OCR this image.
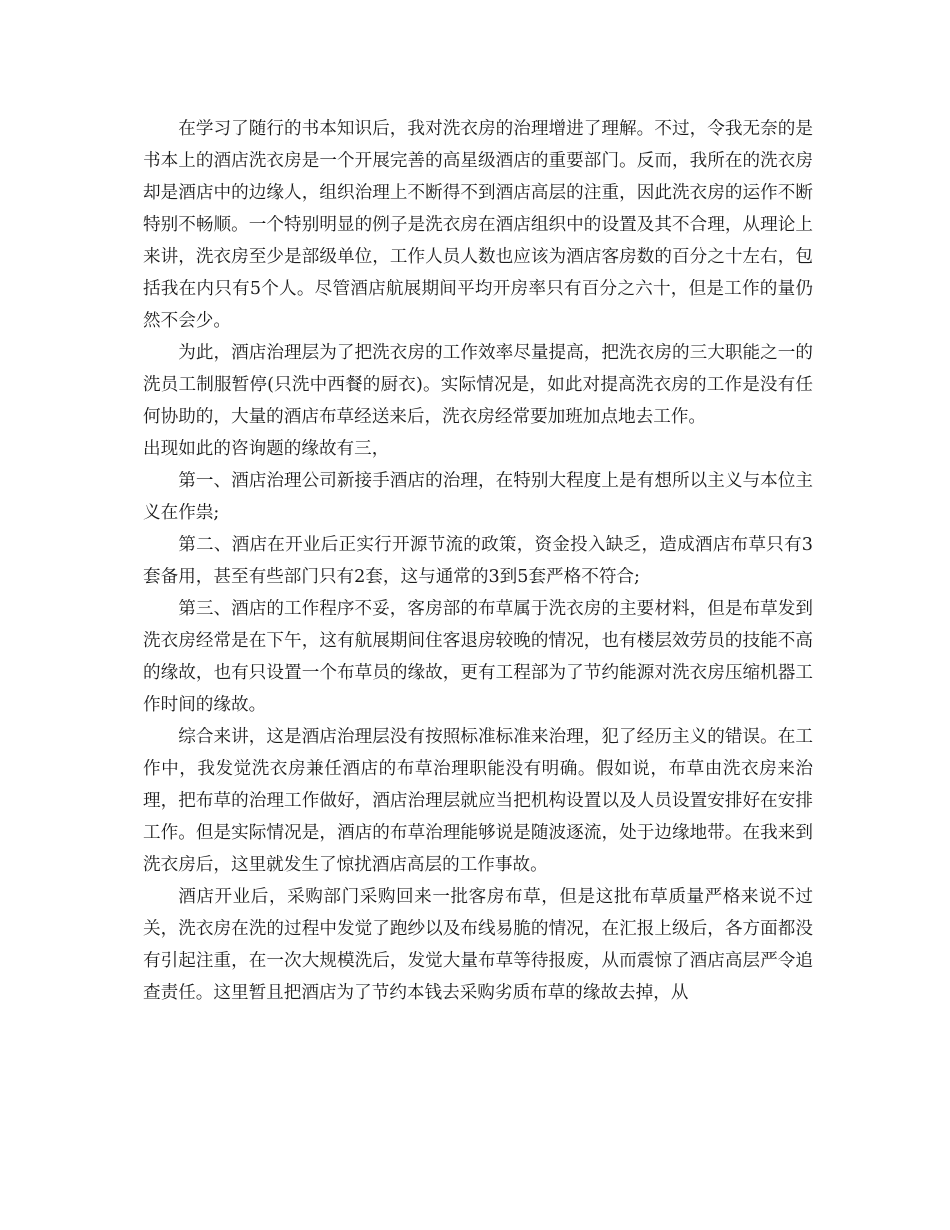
在学习了随行的书本知识后，我对洗衣房的治理增进了理解。不过，令我无奈的是书本上的酒店洗衣房是一个开展完善的高星级酒店的重要部门。反而，我所在的洗衣房却是酒店中的边缘人，组织治理上不断得不到酒店高层的注重，因此洗衣房的运作不断特别不畅顺。一个特别明显的例子是洗衣房在酒店组织中的设置及其不合理，从理论上来讲，洗衣房至少是部级单位，工作人员人数也应该为酒店客房数的百分之十左右，包括我在内只有5个人。尽管酒店航展期间平均开房率只有百分之六十，但是工作的量仍然不会少。

为此，酒店治理层为了把洗衣房的工作效率尽量提高，把洗衣房的三大职能之一的洗员工制服暂停(只洗中西餐的厨衣)。实际情况是，如此对提高洗衣房的工作是没有任何协助的，大量的酒店布草经送来后，洗衣房经常要加班加点地去工作。

出现如此的咨询题的缘故有三，

第一、酒店治理公司新接手酒店的治理，在特别大程度上是有想所以主义与本位主义在作祟;

第二、酒店在开业后正实行开源节流的政策，资金投入缺乏，造成酒店布草只有3套备用，甚至有些部门只有2套，这与通常的3到5套严格不符合;

第三、酒店的工作程序不妥，客房部的布草属于洗衣房的主要材料，但是布草发到洗衣房经常是在下午，这有航展期间住客退房较晚的情况，也有楼层效劳员的技能不高的缘故，也有只设置一个布草员的缘故，更有工程部为了节约能源对洗衣房压缩机器工作时间的缘故。

综合来讲，这是酒店治理层没有按照标准标准来治理，犯了经历主义的错误。在工作中，我发觉洗衣房兼任酒店的布草治理职能没有明确。假如说，布草由洗衣房来治理，把布草的治理工作做好，酒店治理层就应当把机构设置以及人员设置安排好在安排工作。但是实际情况是，酒店的布草治理能够说是随波逐流，处于边缘地带。在我来到洗衣房后，这里就发生了惊扰酒店高层的工作事故。

酒店开业后，采购部门采购回来一批客房布草，但是这批布草质量严格来说不过关，洗衣房在洗的过程中发觉了跑纱以及布线易脆的情况，在汇报上级后，各方面都没有引起注重，在一次大规模洗后，发觉大量布草等待报废，从而震惊了酒店高层严令追查责任。这里暂且把酒店为了节约本钱去采购劣质布草的缘故去掉，从
